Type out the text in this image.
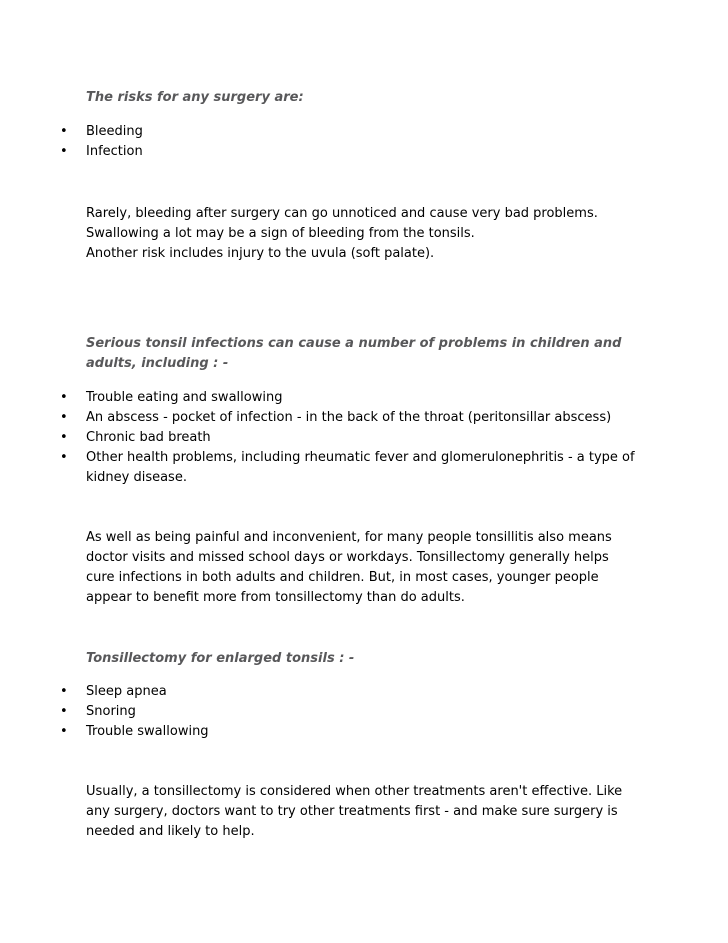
The risks for any surgery are:

• Bleeding
• Infection

Rarely, bleeding after surgery can go unnoticed and cause very bad problems.
Swallowing a lot may be a sign of bleeding from the tonsils.
Another risk includes injury to the uvula (soft palate).

Serious tonsil infections can cause a number of problems in children and
adults, including : -

• Trouble eating and swallowing
• An abscess - pocket of infection - in the back of the throat (peritonsillar abscess)
• Chronic bad breath
• Other health problems, including rheumatic fever and glomerulonephritis - a type of
kidney disease.

As well as being painful and inconvenient, for many people tonsillitis also means
doctor visits and missed school days or workdays. Tonsillectomy generally helps
cure infections in both adults and children. But, in most cases, younger people
appear to benefit more from tonsillectomy than do adults.

Tonsillectomy for enlarged tonsils : -

• Sleep apnea
• Snoring
• Trouble swallowing

Usually, a tonsillectomy is considered when other treatments aren't effective. Like
any surgery, doctors want to try other treatments first - and make sure surgery is
needed and likely to help.
